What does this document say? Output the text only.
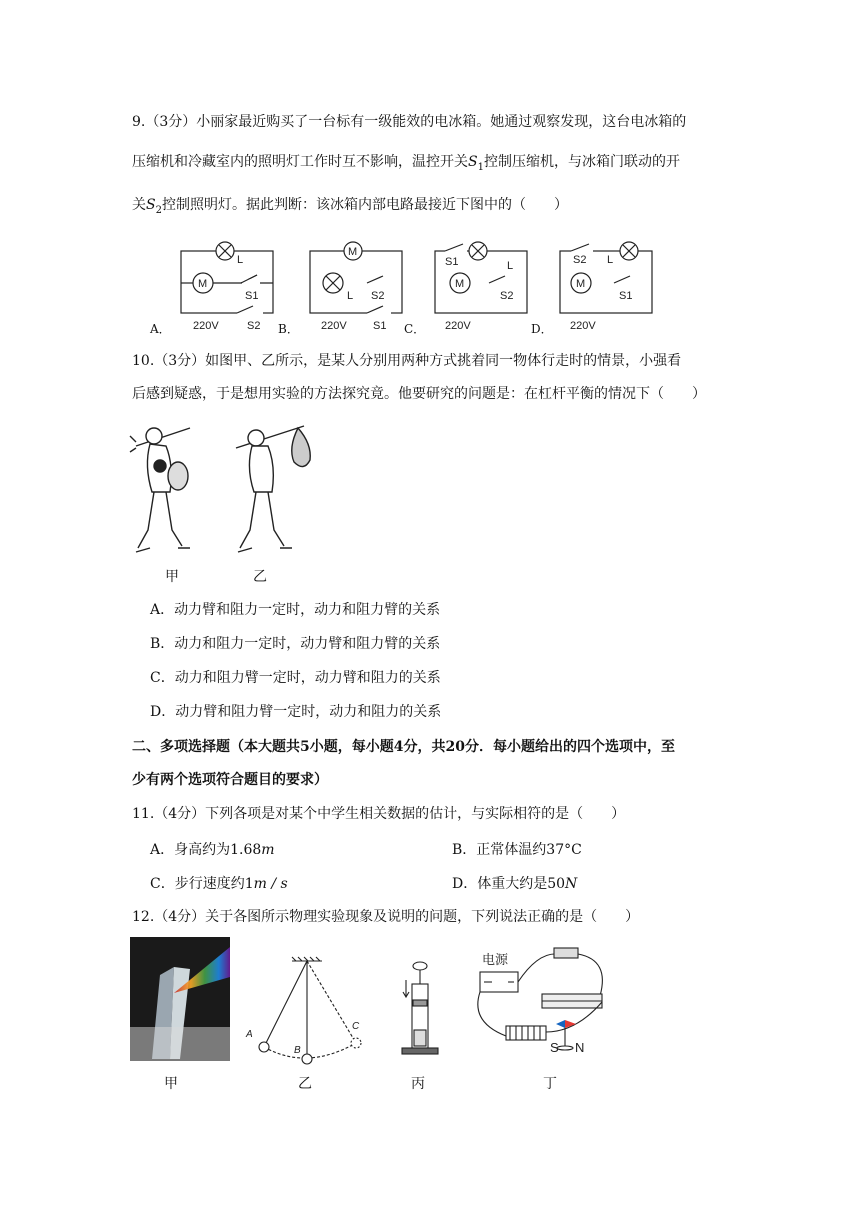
9.（3分）小丽家最近购买了一台标有一级能效的电冰箱。她通过观察发现，这台电冰箱的
压缩机和冷藏室内的照明灯工作时互不影响，温控开关$S_1$控制压缩机，与冰箱门联动的开
关$S_2$控制照明灯。据此判断：该冰箱内部电路最接近下图中的（　　）
M
L
S1
S2
220V
M
L S2
S1
220V
S1	L
M
S2
220V
S2 L
M
S1
220V
A．	B．	C．	D．
10.（3分）如图甲、乙所示，是某人分别用两种方式挑着同一物体行走时的情景，小强看
后感到疑惑，于是想用实验的方法探究竟。他要研究的问题是：在杠杆平衡的情况下（　　）
甲	乙
A．动力臂和阻力一定时，动力和阻力臂的关系
B．动力和阻力一定时，动力臂和阻力臂的关系
C．动力和阻力臂一定时，动力臂和阻力的关系
D．动力臂和阻力臂一定时，动力和阻力的关系
二、多项选择题（本大题共5小题，每小题4分，共20分．每小题给出的四个选项中，至
少有两个选项符合题目的要求）
11.（4分）下列各项是对某个中学生相关数据的估计，与实际相符的是（　　）
A．身高约为1.68m	B．正常体温约37°C
C．步行速度约1m / s	D．体重大约是50N
12.（4分）关于各图所示物理实验现象及说明的问题，下列说法正确的是（　　）
A
B
C
电源
S N
甲	乙	丙	丁
